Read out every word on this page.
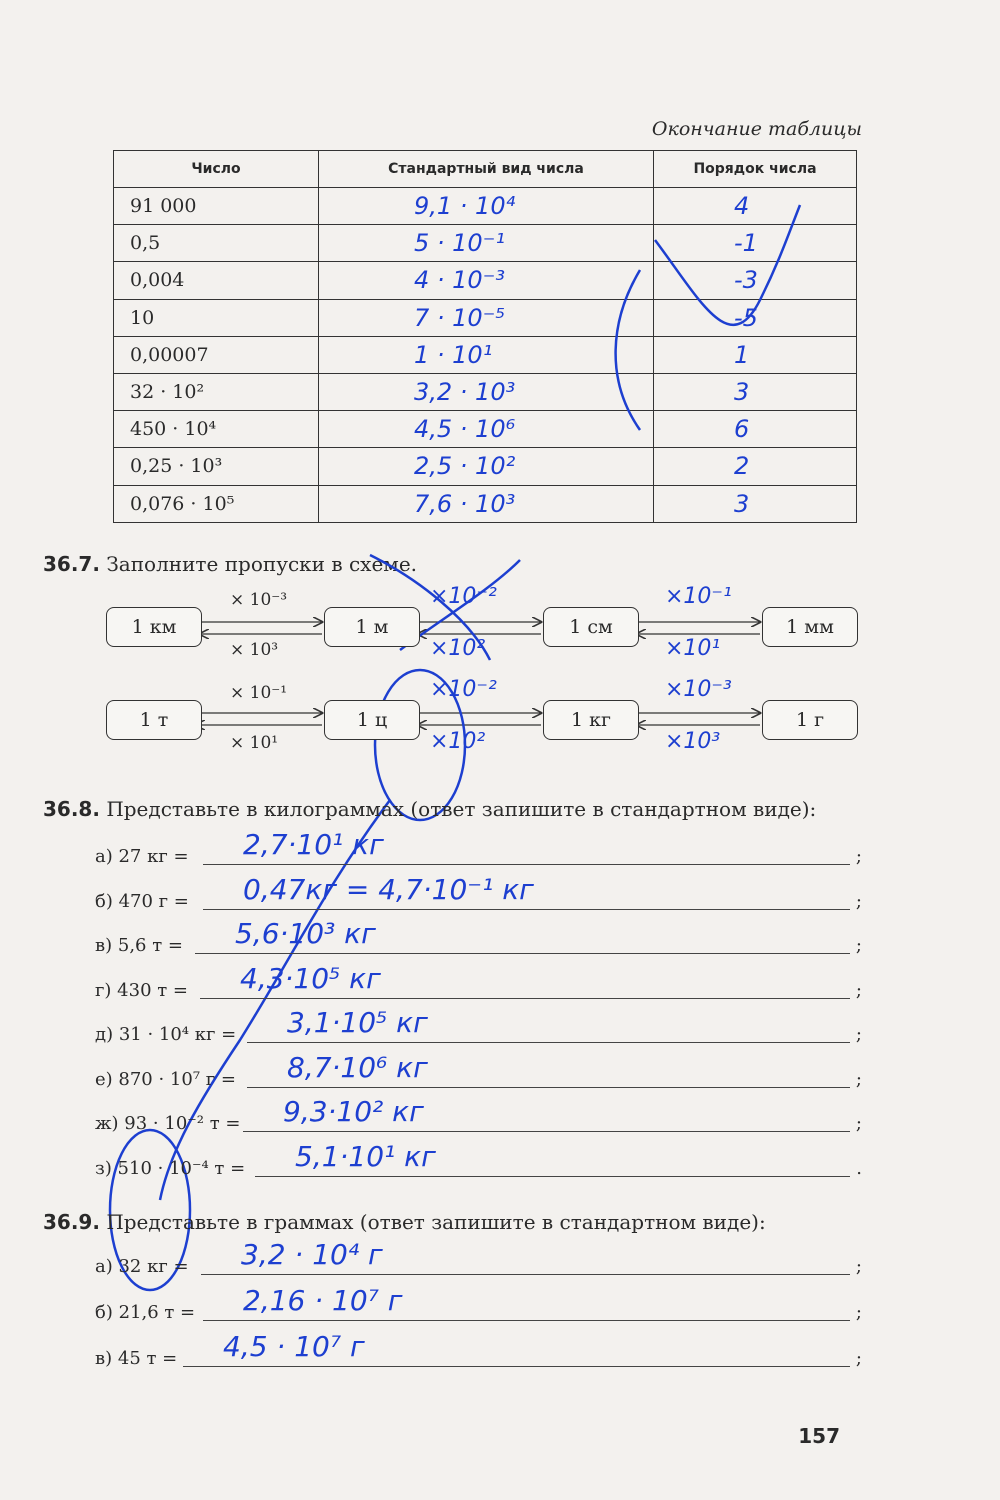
Окончание таблицы
Число	Стандартный вид числа	Порядок числа
91 000	9,1 · 10⁴	4
0,5	5 · 10⁻¹	-1
0,004	4 · 10⁻³	-3
10	7 · 10⁻⁵	-5
0,00007	1 · 10¹	1
32 · 10²	3,2 · 10³	3
450 · 10⁴	4,5 · 10⁶	6
0,25 · 10³	2,5 · 10²	2
0,076 · 10⁵	7,6 · 10³	3
36.7. Заполните пропуски в схеме.
1 км	1 м	1 см	1 мм
× 10⁻³
× 10³
×10⁻²
×10²
×10⁻¹
×10¹
1 т	1 ц	1 кг	1 г
× 10⁻¹
× 10¹
×10⁻²
×10²
×10⁻³
×10³
36.8. Представьте в килограммах (ответ запишите в стандартном виде):
а) 27 кг = 2,7·10¹ кг	;
б) 470 г = 0,47кг = 4,7·10⁻¹ кг	;
в) 5,6 т = 5,6·10³ кг	;
г) 430 т = 4,3·10⁵ кг	;
д) 31 · 10⁴ кг = 3,1·10⁵ кг	;
е) 870 · 10⁷ г = 8,7·10⁶ кг	;
ж) 93 · 10⁻² т = 9,3·10² кг	;
з) 510 · 10⁻⁴ т = 5,1·10¹ кг	.
36.9. Представьте в граммах (ответ запишите в стандартном виде):
а) 32 кг = 3,2 · 10⁴ г	;
б) 21,6 т = 2,16 · 10⁷ г	;
в) 45 т = 4,5 · 10⁷ г	;
157
